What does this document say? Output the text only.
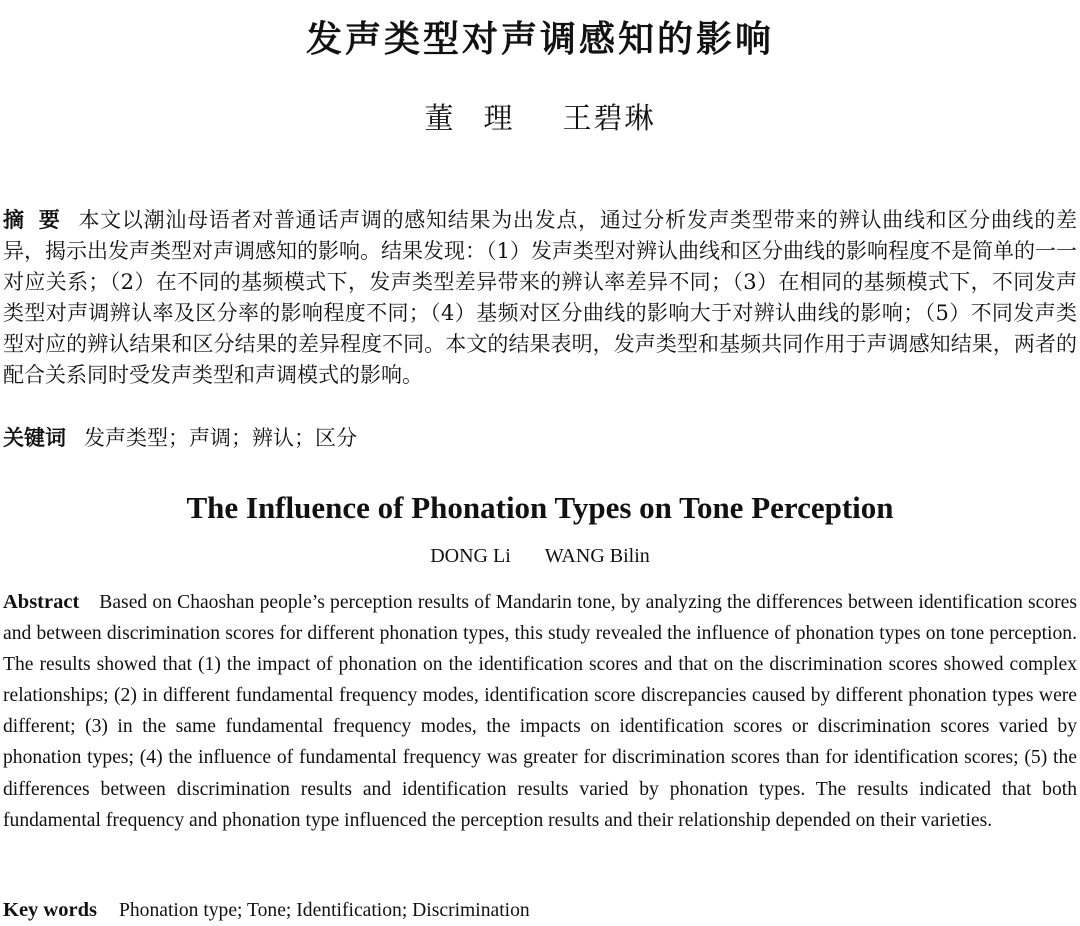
发声类型对声调感知的影响
董理 王碧琳
摘要 本文以潮汕母语者对普通话声调的感知结果为出发点，通过分析发声类型带来的辨认曲线和区分曲线的差异，揭示出发声类型对声调感知的影响。结果发现：（1）发声类型对辨认曲线和区分曲线的影响程度不是简单的一一对应关系；（2）在不同的基频模式下，发声类型差异带来的辨认率差异不同；（3）在相同的基频模式下，不同发声类型对声调辨认率及区分率的影响程度不同；（4）基频对区分曲线的影响大于对辨认曲线的影响；（5）不同发声类型对应的辨认结果和区分结果的差异程度不同。本文的结果表明，发声类型和基频共同作用于声调感知结果，两者的配合关系同时受发声类型和声调模式的影响。
关键词 发声类型；声调；辨认；区分
The Influence of Phonation Types on Tone Perception
DONG Li WANG Bilin
Abstract Based on Chaoshan people’s perception results of Mandarin tone, by analyzing the differences between identification scores and between discrimination scores for different phonation types, this study revealed the influence of phonation types on tone perception. The results showed that (1) the impact of phonation on the identification scores and that on the discrimination scores showed complex relationships; (2) in different fundamental frequency modes, identification score discrepancies caused by different phonation types were different; (3) in the same fundamental frequency modes, the impacts on identification scores or discrimination scores varied by phonation types; (4) the influence of fundamental frequency was greater for discrimination scores than for identification scores; (5) the differences between discrimination results and identification results varied by phonation types. The results indicated that both fundamental frequency and phonation type influenced the perception results and their relationship depended on their varieties.
Key words Phonation type; Tone; Identification; Discrimination
